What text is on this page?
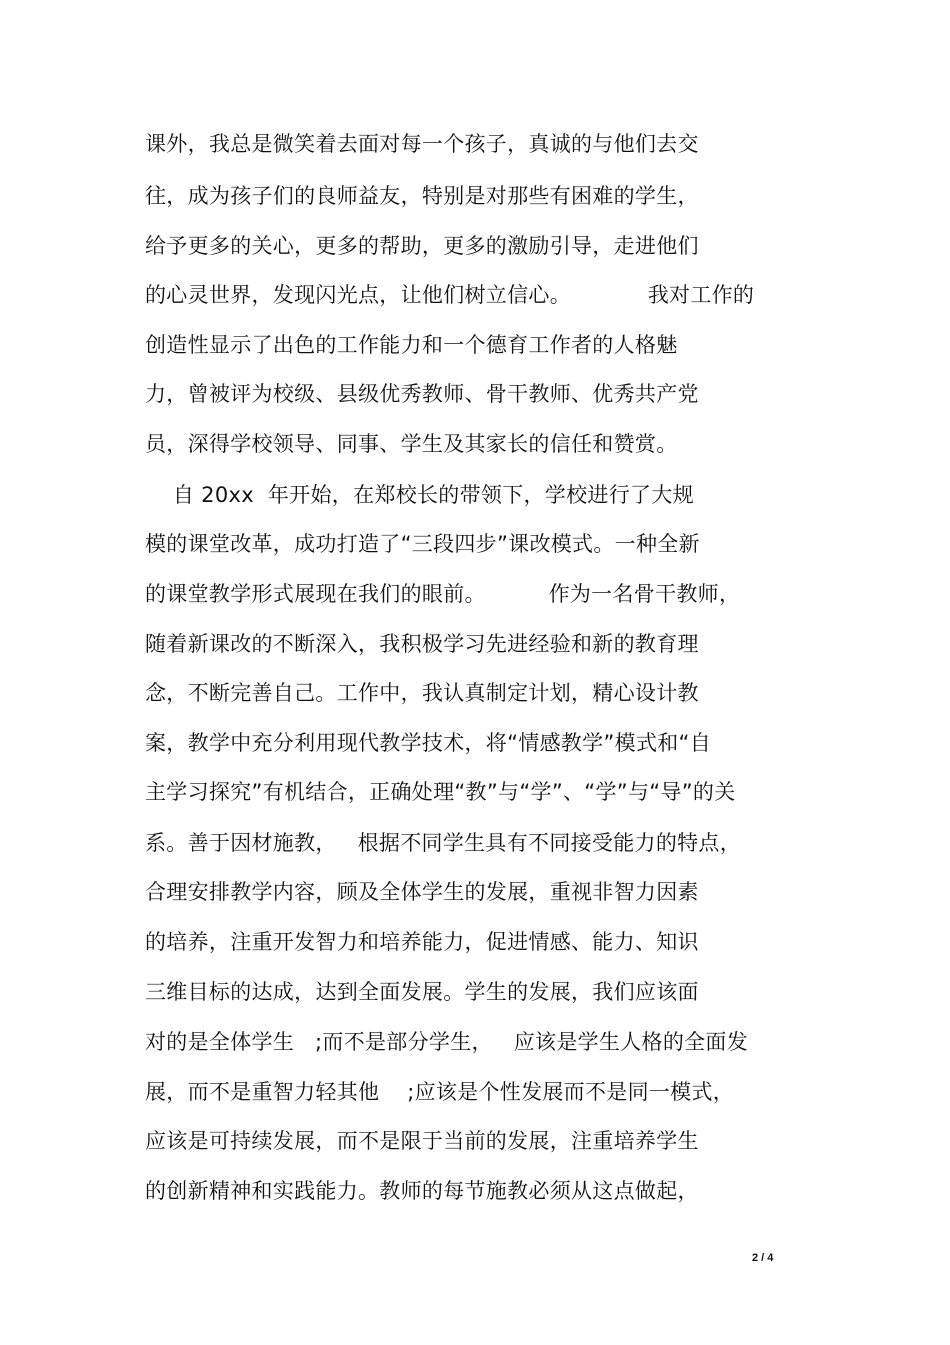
课外，我总是微笑着去面对每一个孩子，真诚的与他们去交
往，成为孩子们的良师益友，特别是对那些有困难的学生，
给予更多的关心，更多的帮助，更多的激励引导，走进他们
的心灵世界，发现闪光点，让他们树立信心。           我对工作的
创造性显示了出色的工作能力和一个德育工作者的人格魅
力，曾被评为校级、县级优秀教师、骨干教师、优秀共产党
员，深得学校领导、同事、学生及其家长的信任和赞赏。
自 20xx  年开始，在郑校长的带领下，学校进行了大规
模的课堂改革，成功打造了“三段四步”课改模式。一种全新
的课堂教学形式展现在我们的眼前。         作为一名骨干教师，
随着新课改的不断深入，我积极学习先进经验和新的教育理
念，不断完善自己。工作中，我认真制定计划，精心设计教
案，教学中充分利用现代教学技术，将“情感教学”模式和“自
主学习探究”有机结合，正确处理“教”与“学”、“学”与“导”的关
系。善于因材施教，   根据不同学生具有不同接受能力的特点，
合理安排教学内容，顾及全体学生的发展，重视非智力因素
的培养，注重开发智力和培养能力，促进情感、能力、知识
三维目标的达成，达到全面发展。学生的发展，我们应该面
对的是全体学生   ;而不是部分学生，   应该是学生人格的全面发
展，而不是重智力轻其他    ;应该是个性发展而不是同一模式，
应该是可持续发展，而不是限于当前的发展，注重培养学生
的创新精神和实践能力。教师的每节施教必须从这点做起，
2 / 4
